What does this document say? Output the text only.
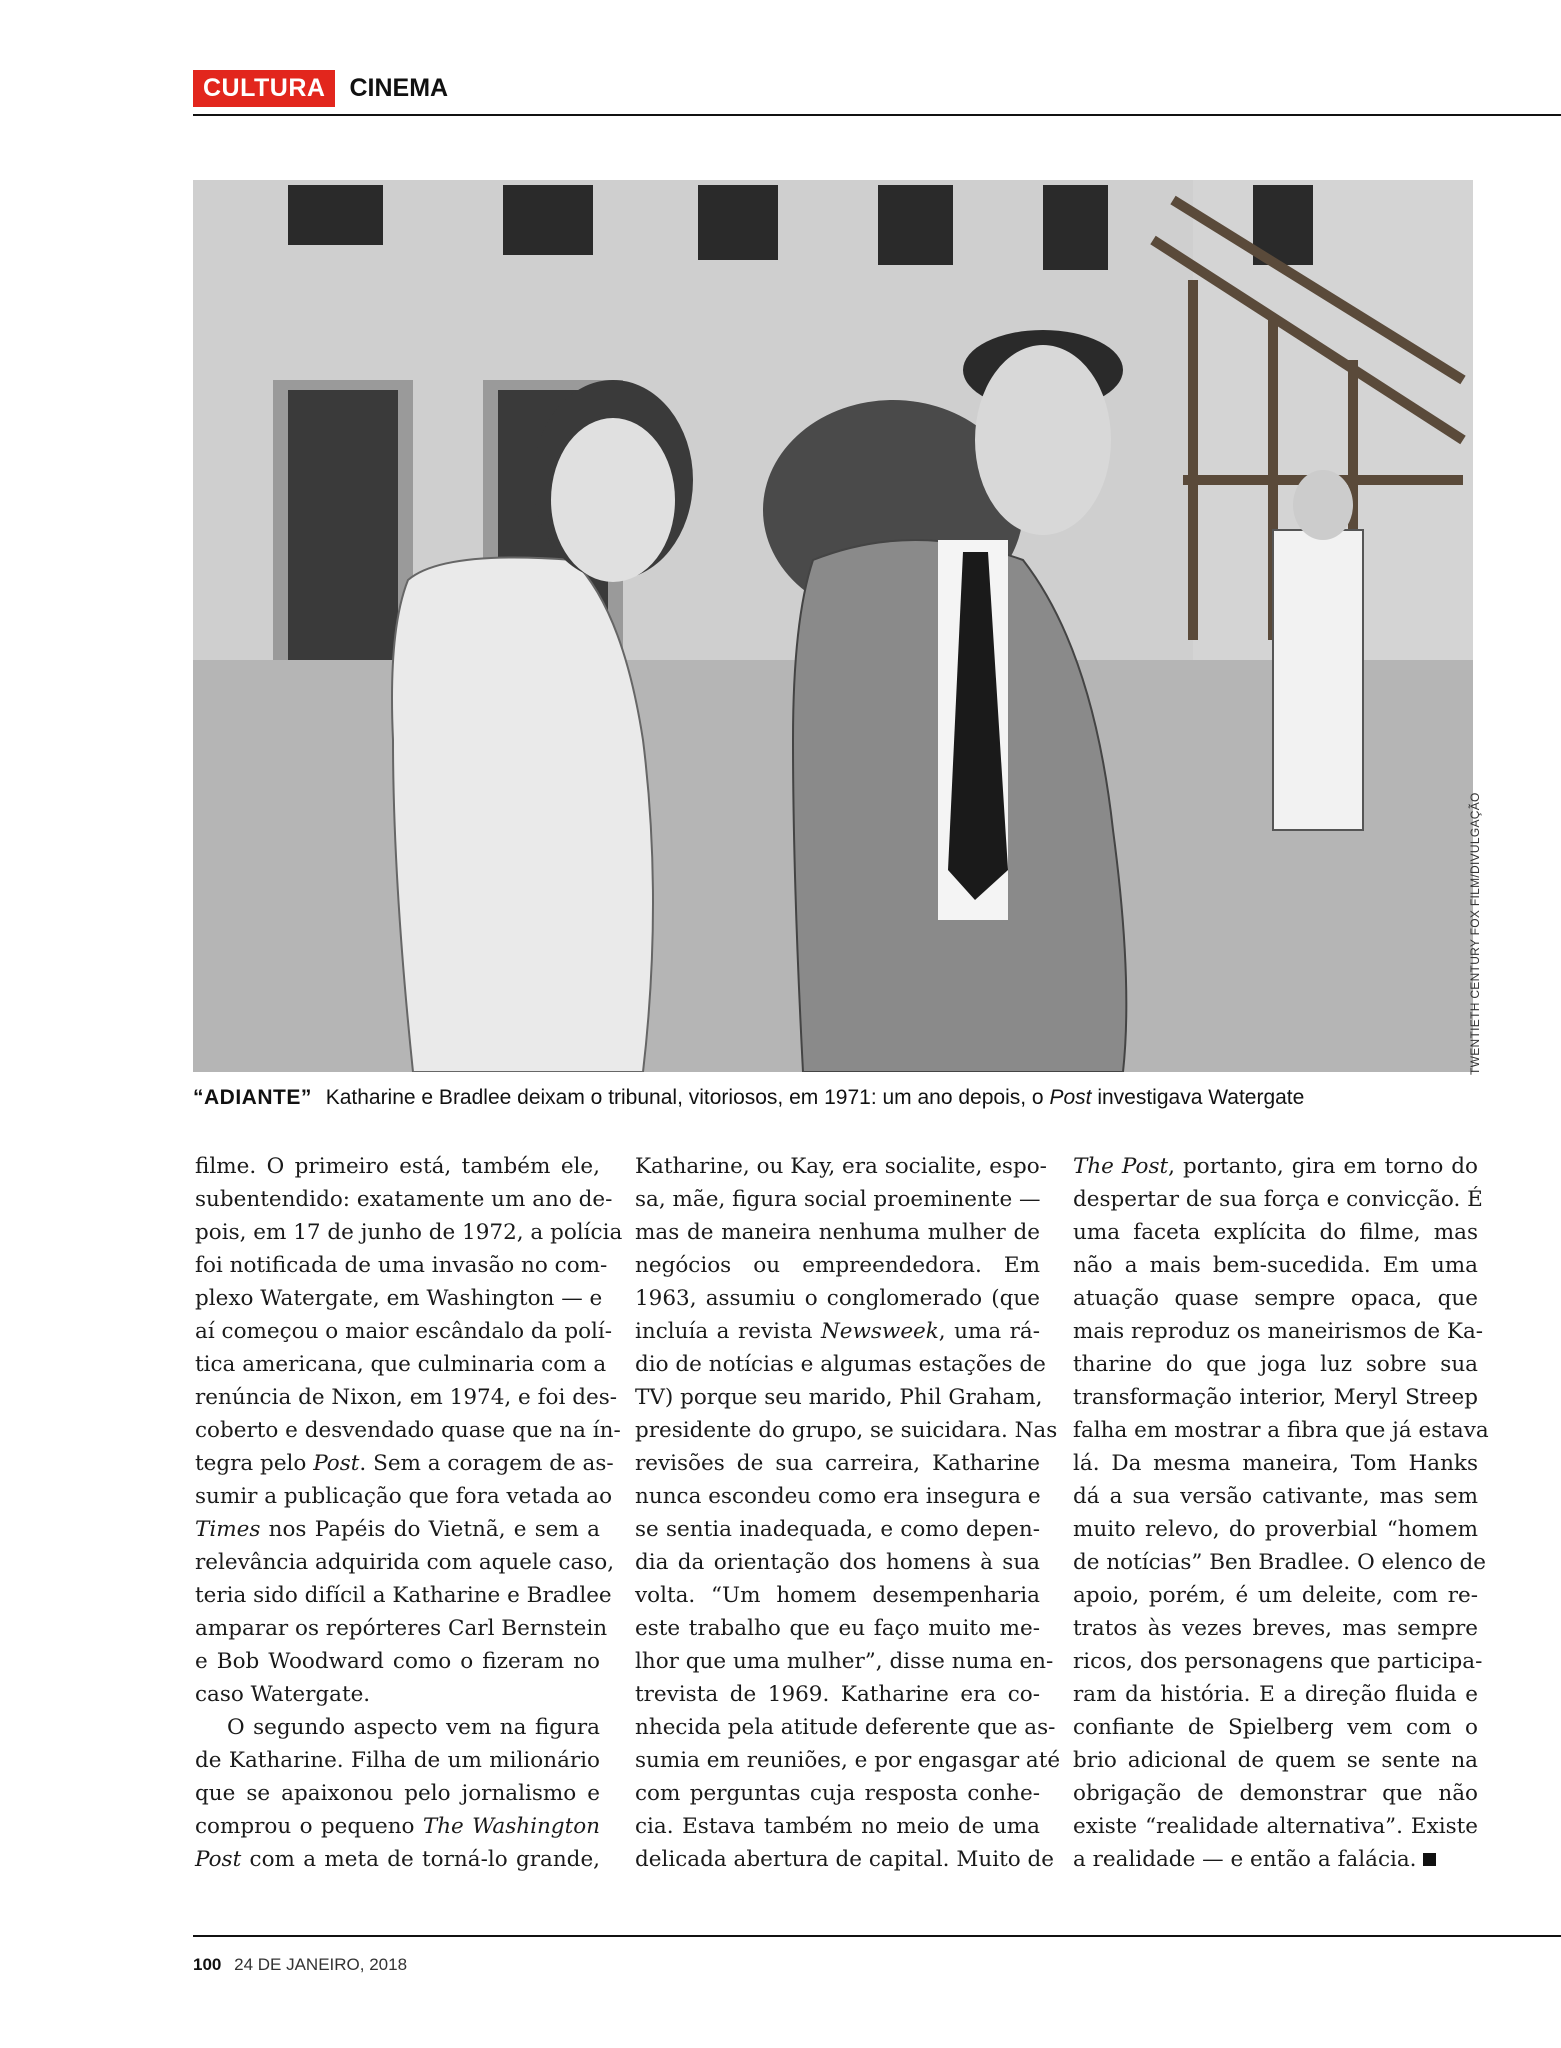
CULTURA CINEMA
TWENTIETH CENTURY FOX FILM/DIVULGAÇÃO
“ADIANTE” Katharine e Bradlee deixam o tribunal, vitoriosos, em 1971: um ano depois, o Post investigava Watergate
filme. O primeiro está, também ele,
subentendido: exatamente um ano de-
pois, em 17 de junho de 1972, a polícia
foi notificada de uma invasão no com-
plexo Watergate, em Washington — e
aí começou o maior escândalo da polí-
tica americana, que culminaria com a
renúncia de Nixon, em 1974, e foi des-
coberto e desvendado quase que na ín-
tegra pelo Post. Sem a coragem de as-
sumir a publicação que fora vetada ao
Times nos Papéis do Vietnã, e sem a
relevância adquirida com aquele caso,
teria sido difícil a Katharine e Bradlee
amparar os repórteres Carl Bernstein
e Bob Woodward como o fizeram no
caso Watergate.
O segundo aspecto vem na figura
de Katharine. Filha de um milionário
que se apaixonou pelo jornalismo e
comprou o pequeno The Washington
Post com a meta de torná-lo grande,
Katharine, ou Kay, era socialite, espo-
sa, mãe, figura social proeminente —
mas de maneira nenhuma mulher de
negócios ou empreendedora. Em
1963, assumiu o conglomerado (que
incluía a revista Newsweek, uma rá-
dio de notícias e algumas estações de
TV) porque seu marido, Phil Graham,
presidente do grupo, se suicidara. Nas
revisões de sua carreira, Katharine
nunca escondeu como era insegura e
se sentia inadequada, e como depen-
dia da orientação dos homens à sua
volta. “Um homem desempenharia
este trabalho que eu faço muito me-
lhor que uma mulher”, disse numa en-
trevista de 1969. Katharine era co-
nhecida pela atitude deferente que as-
sumia em reuniões, e por engasgar até
com perguntas cuja resposta conhe-
cia. Estava também no meio de uma
delicada abertura de capital. Muito de
The Post, portanto, gira em torno do
despertar de sua força e convicção. É
uma faceta explícita do filme, mas
não a mais bem-sucedida. Em uma
atuação quase sempre opaca, que
mais reproduz os maneirismos de Ka-
tharine do que joga luz sobre sua
transformação interior, Meryl Streep
falha em mostrar a fibra que já estava
lá. Da mesma maneira, Tom Hanks
dá a sua versão cativante, mas sem
muito relevo, do proverbial “homem
de notícias” Ben Bradlee. O elenco de
apoio, porém, é um deleite, com re-
tratos às vezes breves, mas sempre
ricos, dos personagens que participa-
ram da história. E a direção fluida e
confiante de Spielberg vem com o
brio adicional de quem se sente na
obrigação de demonstrar que não
existe “realidade alternativa”. Existe
a realidade — e então a falácia.
100 24 DE JANEIRO, 2018
